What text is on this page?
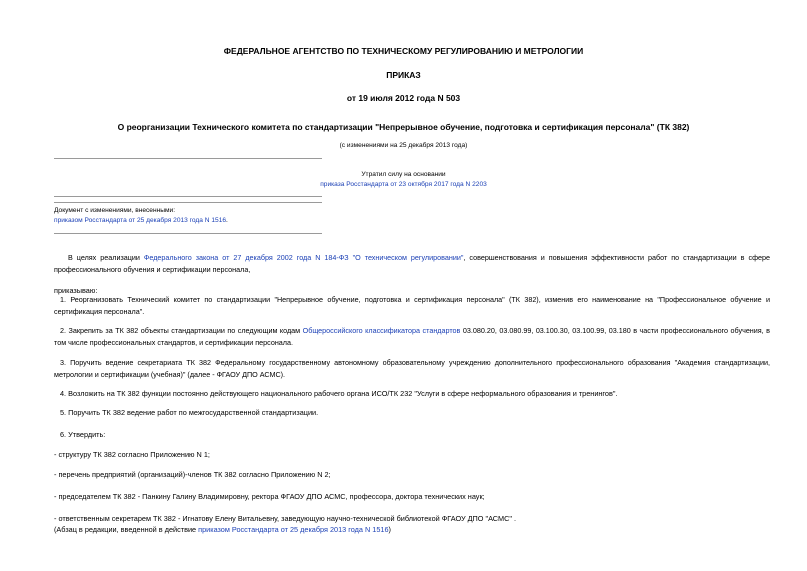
ФЕДЕРАЛЬНОЕ АГЕНТСТВО ПО ТЕХНИЧЕСКОМУ РЕГУЛИРОВАНИЮ И МЕТРОЛОГИИ
ПРИКАЗ
от 19 июля 2012 года N 503
О реорганизации Технического комитета по стандартизации "Непрерывное обучение, подготовка и сертификация персонала" (ТК 382)
(с изменениями на 25 декабря 2013 года)
Утратил силу на основании
приказа Росстандарта от 23 октября 2017 года N 2203
Документ с изменениями, внесенными:
приказом Росстандарта от 25 декабря 2013 года N 1516.
В целях реализации Федерального закона от 27 декабря 2002 года N 184-ФЗ "О техническом регулировании", совершенствования и повышения эффективности работ по стандартизации в сфере профессионального обучения и сертификации персонала,
приказываю:
1. Реорганизовать Технический комитет по стандартизации "Непрерывное обучение, подготовка и сертификация персонала" (ТК 382), изменив его наименование на "Профессиональное обучение и сертификация персонала".
2. Закрепить за ТК 382 объекты стандартизации по следующим кодам Общероссийского классификатора стандартов 03.080.20, 03.080.99, 03.100.30, 03.100.99, 03.180 в части профессионального обучения, в том числе профессиональных стандартов, и сертификации персонала.
3. Поручить ведение секретариата ТК 382 Федеральному государственному автономному образовательному учреждению дополнительного профессионального образования "Академия стандартизации, метрологии и сертификации (учебная)" (далее - ФГАОУ ДПО АСМС).
4. Возложить на ТК 382 функции постоянно действующего национального рабочего органа ИСО/ТК 232 "Услуги в сфере неформального образования и тренингов".
5. Поручить ТК 382 ведение работ по межгосударственной стандартизации.
6. Утвердить:
- структуру ТК 382 согласно Приложению N 1;
- перечень предприятий (организаций)-членов ТК 382 согласно Приложению N 2;
- председателем ТК 382 - Панкину Галину Владимировну, ректора ФГАОУ ДПО АСМС, профессора, доктора технических наук;
- ответственным секретарем ТК 382 - Игнатову Елену Витальевну, заведующую научно-технической библиотекой ФГАОУ ДПО "АСМС" .
(Абзац в редакции, введенной в действие приказом Росстандарта от 25 декабря 2013 года N 1516)
